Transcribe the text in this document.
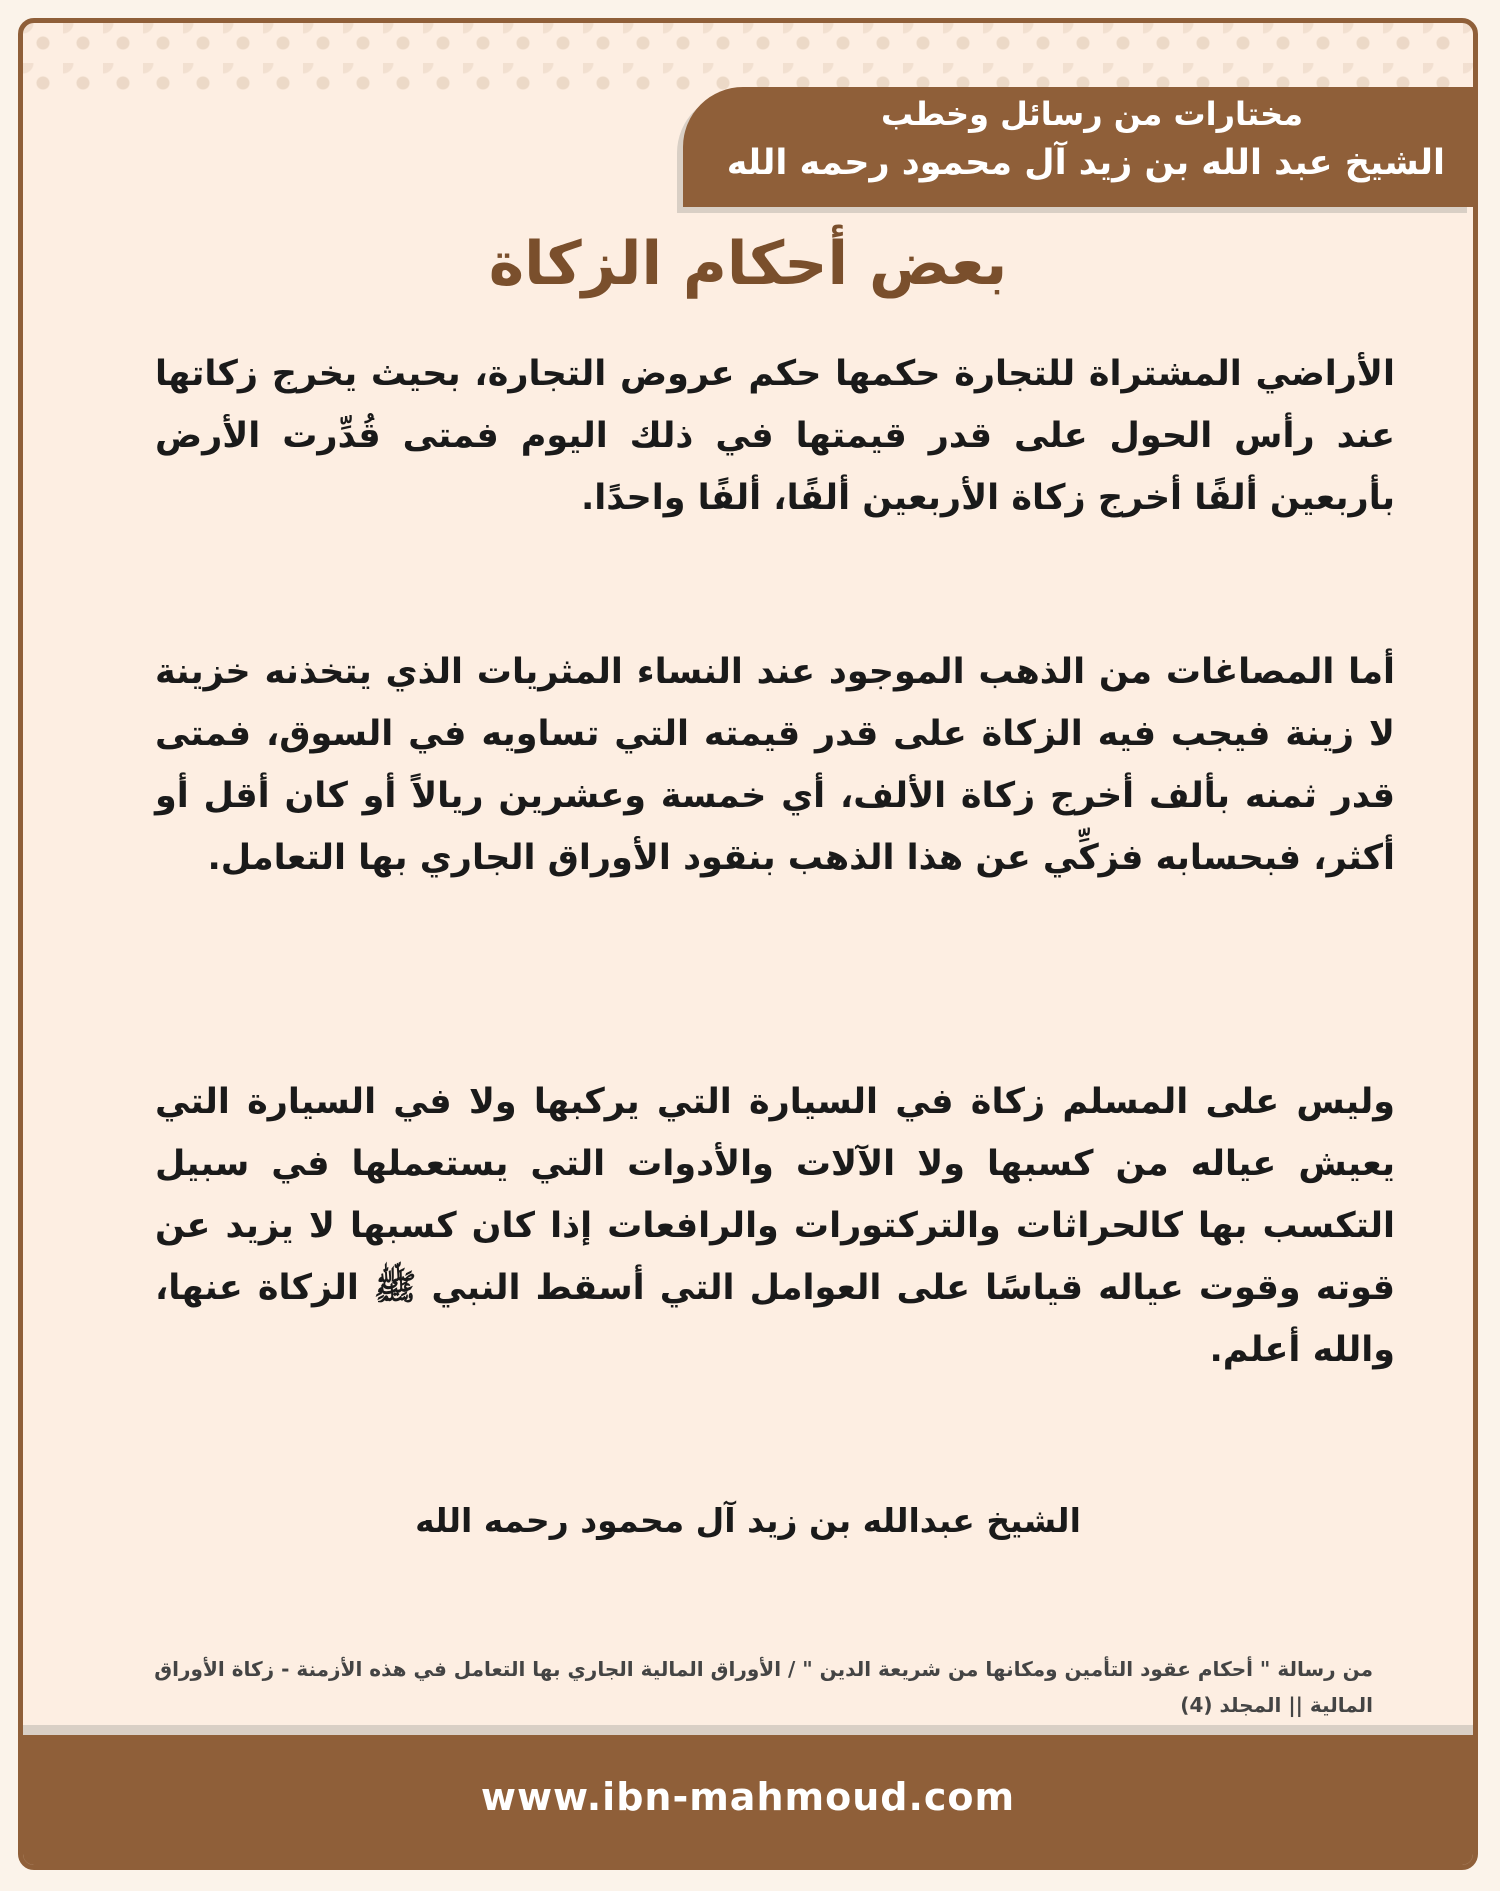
مختارات من رسائل وخطب
الشيخ عبد الله بن زيد آل محمود رحمه الله
بعض أحكام الزكاة

الأراضي المشتراة للتجارة حكمها حكم عروض التجارة، بحيث يخرج زكاتها عند رأس الحول على قدر قيمتها في ذلك اليوم فمتى قُدِّرت الأرض بأربعين ألفًا أخرج زكاة الأربعين ألفًا، ألفًا واحدًا.

أما المصاغات من الذهب الموجود عند النساء المثريات الذي يتخذنه خزينة لا زينة فيجب فيه الزكاة على قدر قيمته التي تساويه في السوق، فمتى قدر ثمنه بألف أخرج زكاة الألف، أي خمسة وعشرين ريالاً أو كان أقل أو أكثر، فبحسابه فزكِّي عن هذا الذهب بنقود الأوراق الجاري بها التعامل.

وليس على المسلم زكاة في السيارة التي يركبها ولا في السيارة التي يعيش عياله من كسبها ولا الآلات والأدوات التي يستعملها في سبيل التكسب بها كالحراثات والتركتورات والرافعات إذا كان كسبها لا يزيد عن قوته وقوت عياله قياسًا على العوامل التي أسقط النبي ﷺ الزكاة عنها، والله أعلم.

الشيخ عبدالله بن زيد آل محمود رحمه الله
من رسالة " أحكام عقود التأمين ومكانها من شريعة الدين " / الأوراق المالية الجاري بها التعامل في هذه الأزمنة - زكاة الأوراق المالية || المجلد (4)
www.ibn-mahmoud.com
